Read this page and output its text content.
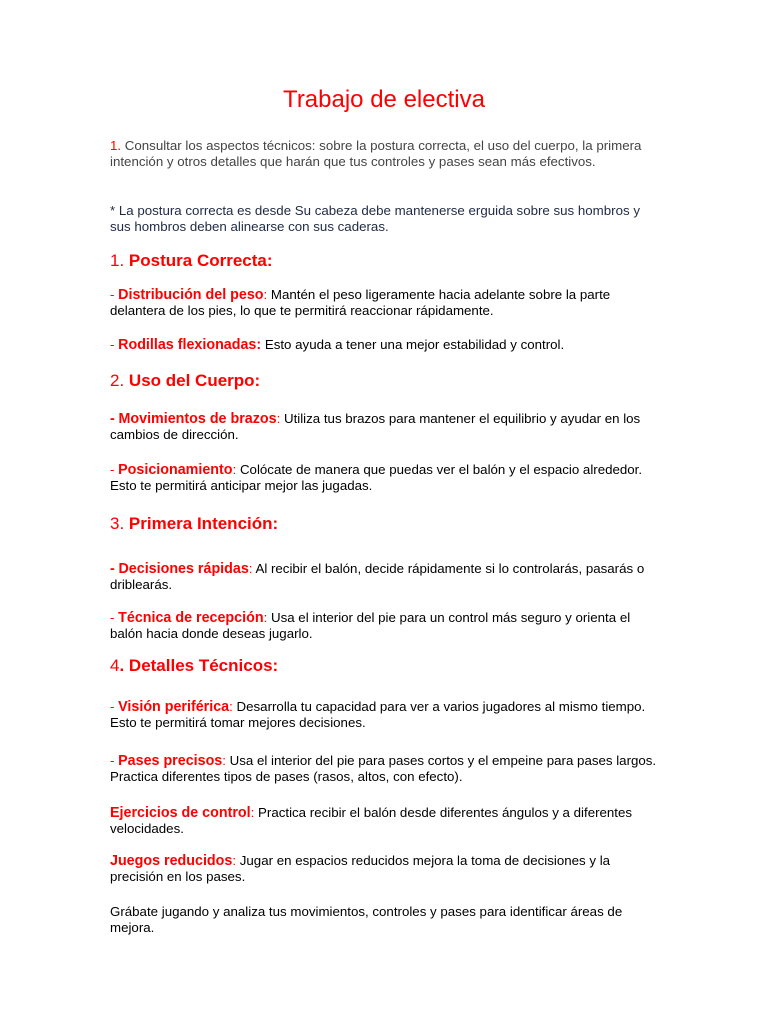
Trabajo de electiva

1. Consultar los aspectos técnicos: sobre la postura correcta, el uso del cuerpo, la primera intención y otros detalles que harán que tus controles y pases sean más efectivos.

* La postura correcta es desde Su cabeza debe mantenerse erguida sobre sus hombros y sus hombros deben alinearse con sus caderas.

1. Postura Correcta:

- Distribución del peso: Mantén el peso ligeramente hacia adelante sobre la parte delantera de los pies, lo que te permitirá reaccionar rápidamente.

- Rodillas flexionadas: Esto ayuda a tener una mejor estabilidad y control.

2. Uso del Cuerpo:

- Movimientos de brazos: Utiliza tus brazos para mantener el equilibrio y ayudar en los cambios de dirección.

- Posicionamiento: Colócate de manera que puedas ver el balón y el espacio alrededor. Esto te permitirá anticipar mejor las jugadas.

3. Primera Intención:

- Decisiones rápidas: Al recibir el balón, decide rápidamente si lo controlarás, pasarás o driblearás.

- Técnica de recepción: Usa el interior del pie para un control más seguro y orienta el balón hacia donde deseas jugarlo.

4. Detalles Técnicos:

- Visión periférica: Desarrolla tu capacidad para ver a varios jugadores al mismo tiempo. Esto te permitirá tomar mejores decisiones.

- Pases precisos: Usa el interior del pie para pases cortos y el empeine para pases largos. Practica diferentes tipos de pases (rasos, altos, con efecto).

Ejercicios de control: Practica recibir el balón desde diferentes ángulos y a diferentes velocidades.

Juegos reducidos: Jugar en espacios reducidos mejora la toma de decisiones y la precisión en los pases.

Grábate jugando y analiza tus movimientos, controles y pases para identificar áreas de mejora.
